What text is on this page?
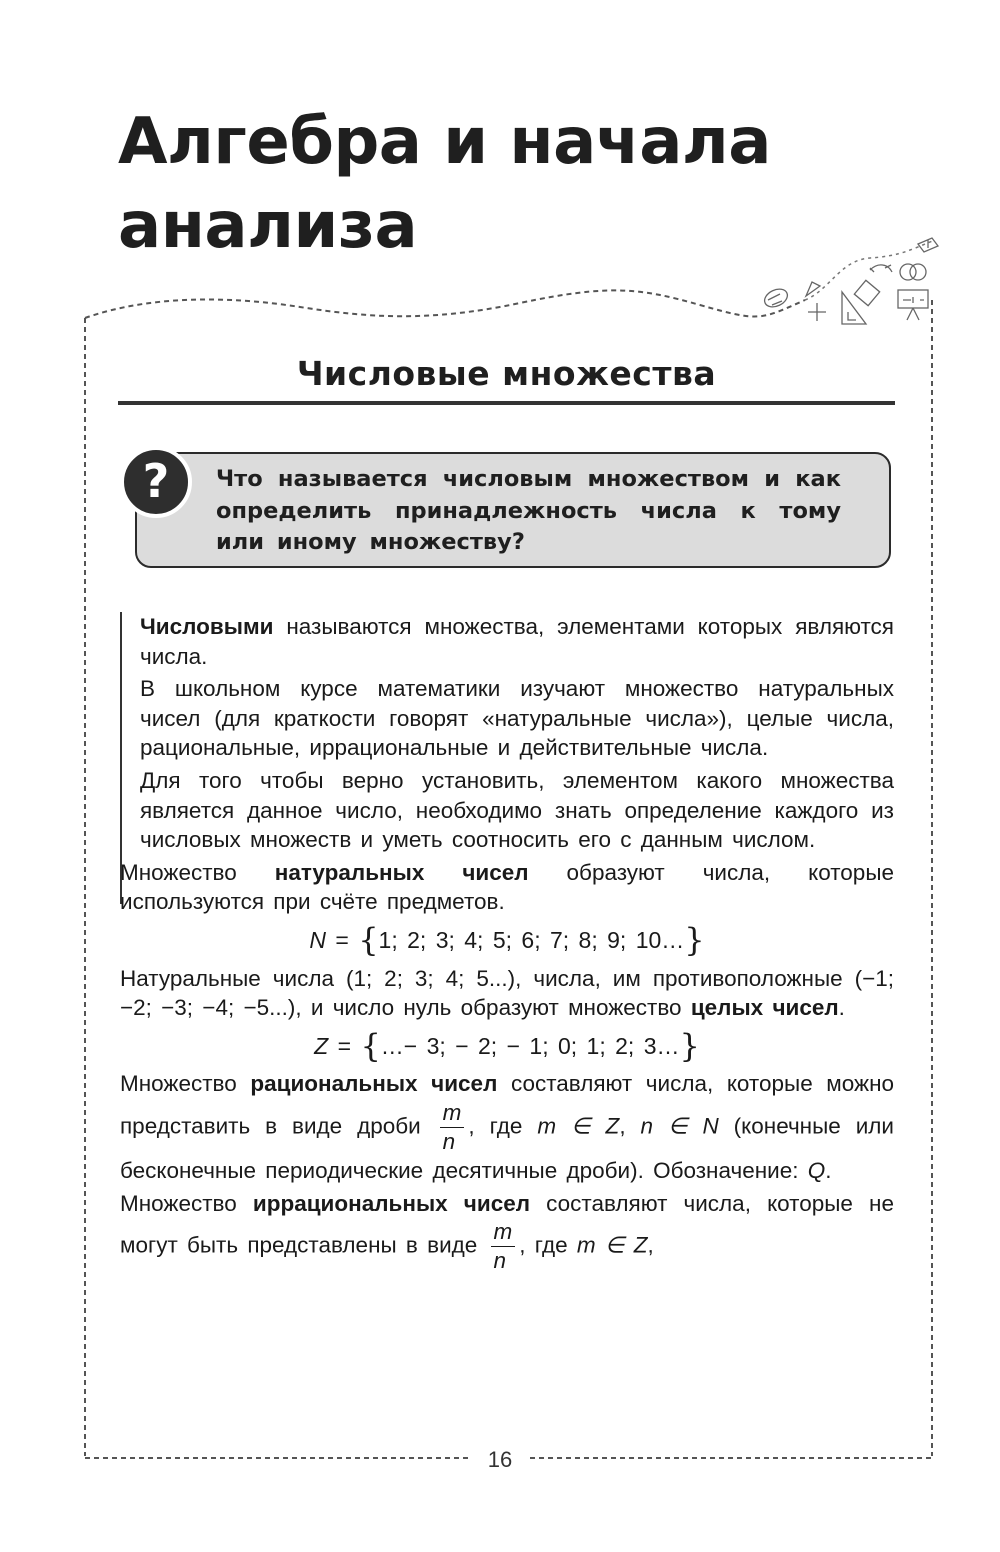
Алгебра и начала
анализа
Числовые множества
?	Что называется числовым множеством и как определить принадлежность числа к тому или иному множеству?

Числовыми называются множества, элементами которых являются числа.

В школьном курсе математики изучают множество натуральных чисел (для краткости говорят «натуральные числа»), целые числа, рациональные, иррациональные и действительные числа.

Для того чтобы верно установить, элементом какого множества является данное число, необходимо знать определение каждого из числовых множеств и уметь соотносить его с данным числом.

Множество натуральных чисел образуют числа, которые используются при счёте предметов.

N = {1; 2; 3; 4; 5; 6; 7; 8; 9; 10…}

Натуральные числа (1; 2; 3; 4; 5...), числа, им противоположные (−1; −2; −3; −4; −5...), и число нуль образуют множество целых чисел.

Z = {…− 3; − 2; − 1; 0; 1; 2; 3…}

Множество рациональных чисел составляют числа, которые можно представить в виде дроби $\frac{m}{n}$ , где m ∈ Z, n ∈ N (конечные или бесконечные периодические десятичные дроби). Обозначение: Q.

Множество иррациональных чисел составляют числа, которые не могут быть представлены в виде $\frac{m}{n}$ , где m ∈ Z,

16
